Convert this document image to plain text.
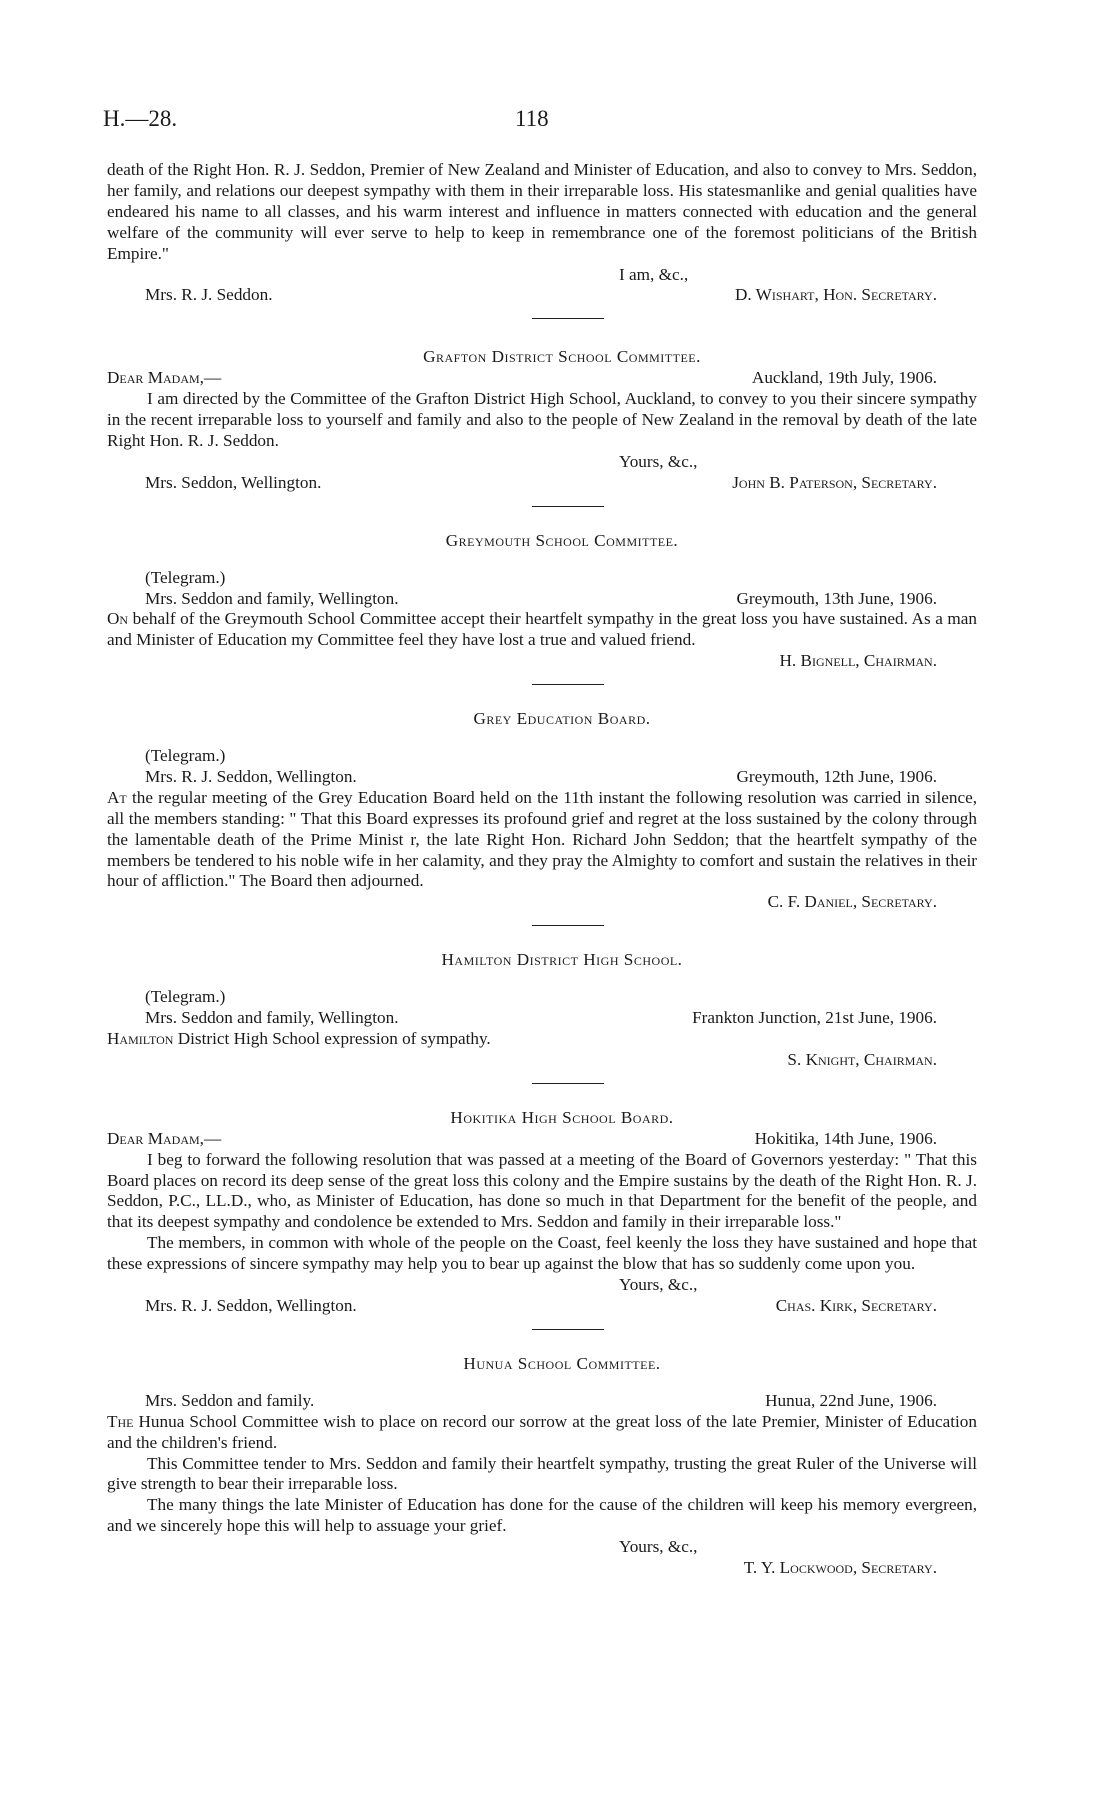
H.—28.	118

death of the Right Hon. R. J. Seddon, Premier of New Zealand and Minister of Education, and also to convey to Mrs. Seddon, her family, and relations our deepest sympathy with them in their irreparable loss. His statesmanlike and genial qualities have endeared his name to all classes, and his warm interest and influence in matters connected with education and the general welfare of the community will ever serve to help to keep in remembrance one of the foremost politicians of the British Empire."

I am, &c.,

Mrs. R. J. Seddon.	D. Wishart, Hon. Secretary.

Grafton District School Committee.

Dear Madam,—	Auckland, 19th July, 1906.

I am directed by the Committee of the Grafton District High School, Auckland, to convey to you their sincere sympathy in the recent irreparable loss to yourself and family and also to the people of New Zealand in the removal by death of the late Right Hon. R. J. Seddon.

Yours, &c.,

Mrs. Seddon, Wellington.	John B. Paterson, Secretary.

Greymouth School Committee.

(Telegram.)

Mrs. Seddon and family, Wellington.	Greymouth, 13th June, 1906.

On behalf of the Greymouth School Committee accept their heartfelt sympathy in the great loss you have sustained. As a man and Minister of Education my Committee feel they have lost a true and valued friend.

H. Bignell, Chairman.

Grey Education Board.

(Telegram.)

Mrs. R. J. Seddon, Wellington.	Greymouth, 12th June, 1906.

At the regular meeting of the Grey Education Board held on the 11th instant the following resolution was carried in silence, all the members standing: " That this Board expresses its profound grief and regret at the loss sustained by the colony through the lamentable death of the Prime Minist r, the late Right Hon. Richard John Seddon; that the heartfelt sympathy of the members be tendered to his noble wife in her calamity, and they pray the Almighty to comfort and sustain the relatives in their hour of affliction." The Board then adjourned.

C. F. Daniel, Secretary.

Hamilton District High School.

(Telegram.)

Mrs. Seddon and family, Wellington.	Frankton Junction, 21st June, 1906.

Hamilton District High School expression of sympathy.

S. Knight, Chairman.

Hokitika High School Board.

Dear Madam,—	Hokitika, 14th June, 1906.

I beg to forward the following resolution that was passed at a meeting of the Board of Governors yesterday: " That this Board places on record its deep sense of the great loss this colony and the Empire sustains by the death of the Right Hon. R. J. Seddon, P.C., LL.D., who, as Minister of Education, has done so much in that Department for the benefit of the people, and that its deepest sympathy and condolence be extended to Mrs. Seddon and family in their irreparable loss."

The members, in common with whole of the people on the Coast, feel keenly the loss they have sustained and hope that these expressions of sincere sympathy may help you to bear up against the blow that has so suddenly come upon you.

Yours, &c.,

Mrs. R. J. Seddon, Wellington.	Chas. Kirk, Secretary.

Hunua School Committee.

Mrs. Seddon and family.	Hunua, 22nd June, 1906.

The Hunua School Committee wish to place on record our sorrow at the great loss of the late Premier, Minister of Education and the children's friend.

This Committee tender to Mrs. Seddon and family their heartfelt sympathy, trusting the great Ruler of the Universe will give strength to bear their irreparable loss.

The many things the late Minister of Education has done for the cause of the children will keep his memory evergreen, and we sincerely hope this will help to assuage your grief.

Yours, &c.,

T. Y. Lockwood, Secretary.
